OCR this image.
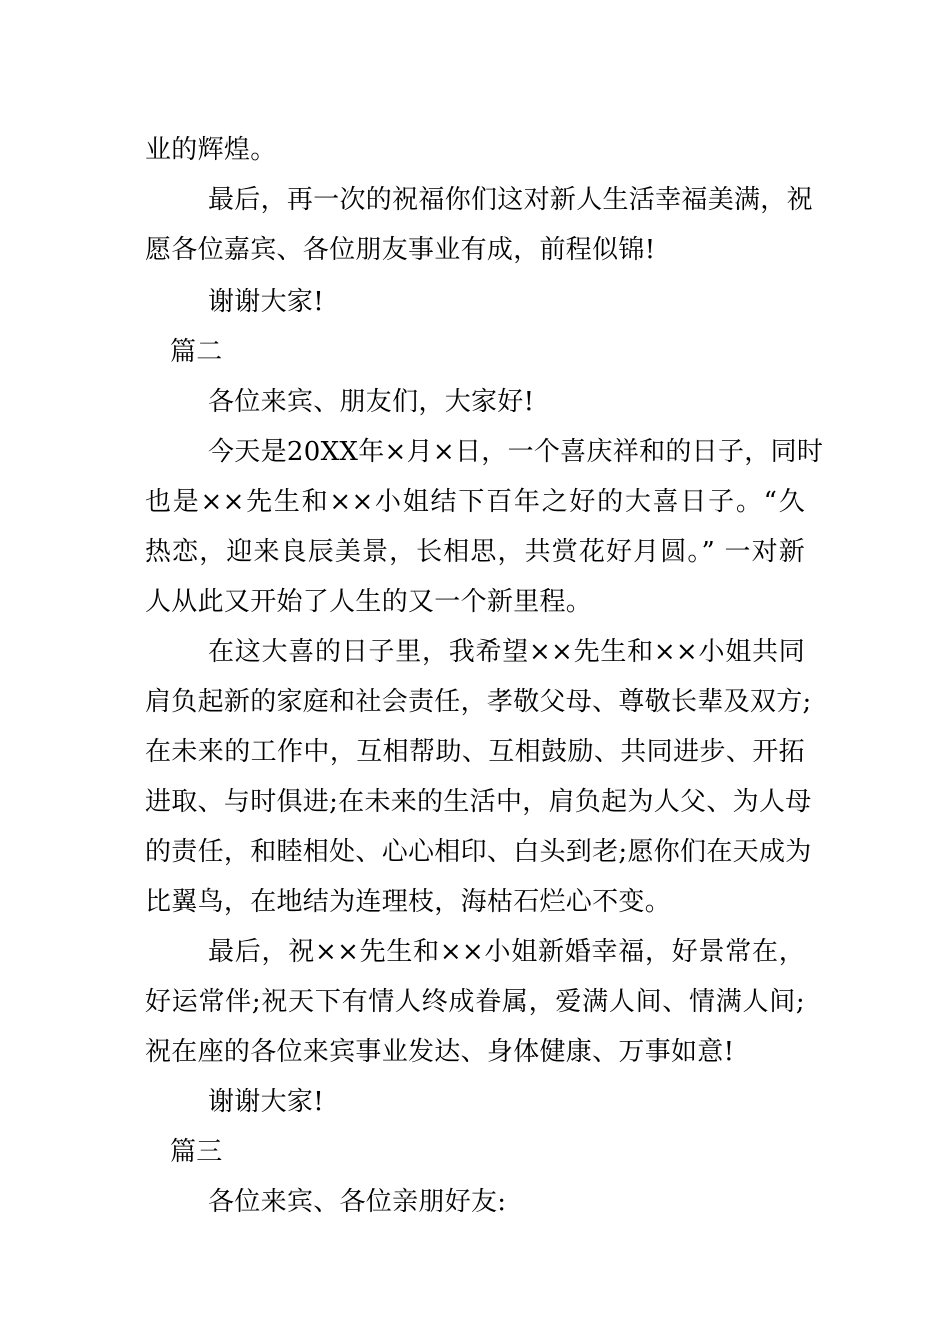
业的辉煌。
最后，再一次的祝福你们这对新人生活幸福美满，祝
愿各位嘉宾、各位朋友事业有成，前程似锦!
谢谢大家!
篇二
各位来宾、朋友们，大家好!
今天是20XX年×月×日，一个喜庆祥和的日子，同时
也是××先生和××小姐结下百年之好的大喜日子。“久
热恋，迎来良辰美景，长相思，共赏花好月圆。” 一对新
人从此又开始了人生的又一个新里程。
在这大喜的日子里，我希望××先生和××小姐共同
肩负起新的家庭和社会责任，孝敬父母、尊敬长辈及双方;
在未来的工作中，互相帮助、互相鼓励、共同进步、开拓
进取、与时俱进;在未来的生活中，肩负起为人父、为人母
的责任，和睦相处、心心相印、白头到老;愿你们在天成为
比翼鸟，在地结为连理枝，海枯石烂心不变。
最后，祝××先生和××小姐新婚幸福，好景常在，
好运常伴;祝天下有情人终成眷属，爱满人间、情满人间;
祝在座的各位来宾事业发达、身体健康、万事如意!
谢谢大家!
篇三
各位来宾、各位亲朋好友:
